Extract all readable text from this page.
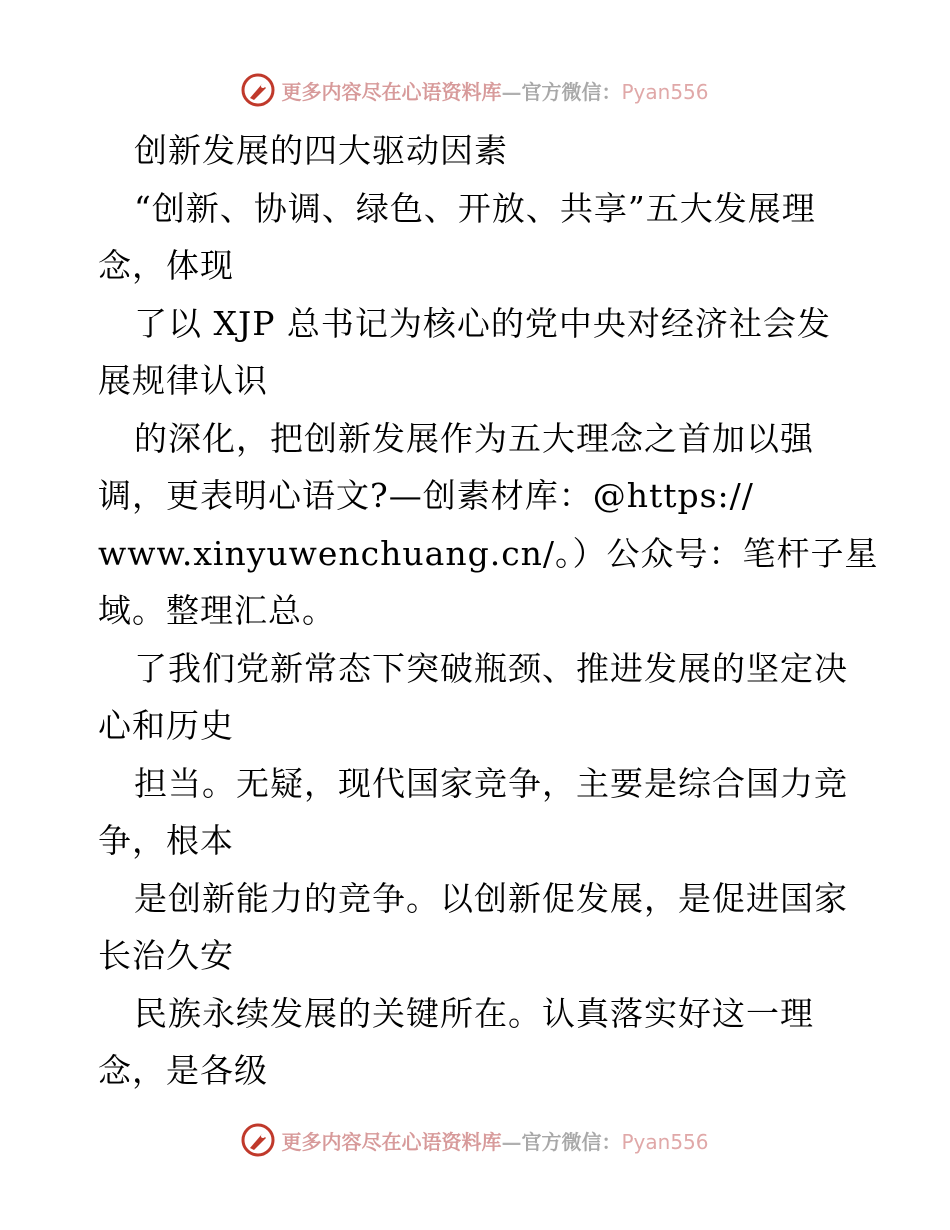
更多内容尽在心语资料库—官方微信：Pyan556
创新发展的四大驱动因素
“创新、协调、绿色、开放、共享”五大发展理
念，体现
了以 XJP 总书记为核心的党中央对经济社会发
展规律认识
的深化，把创新发展作为五大理念之首加以强
调，更表明心语文?—创素材库：@https://
www.xinyuwenchuang.cn/。）公众号：笔杆子星
域。整理汇总。
了我们党新常态下突破瓶颈、推进发展的坚定决
心和历史
担当。无疑，现代国家竞争，主要是综合国力竞
争，根本
是创新能力的竞争。以创新促发展，是促进国家
长治久安
民族永续发展的关键所在。认真落实好这一理
念，是各级
更多内容尽在心语资料库—官方微信：Pyan556
